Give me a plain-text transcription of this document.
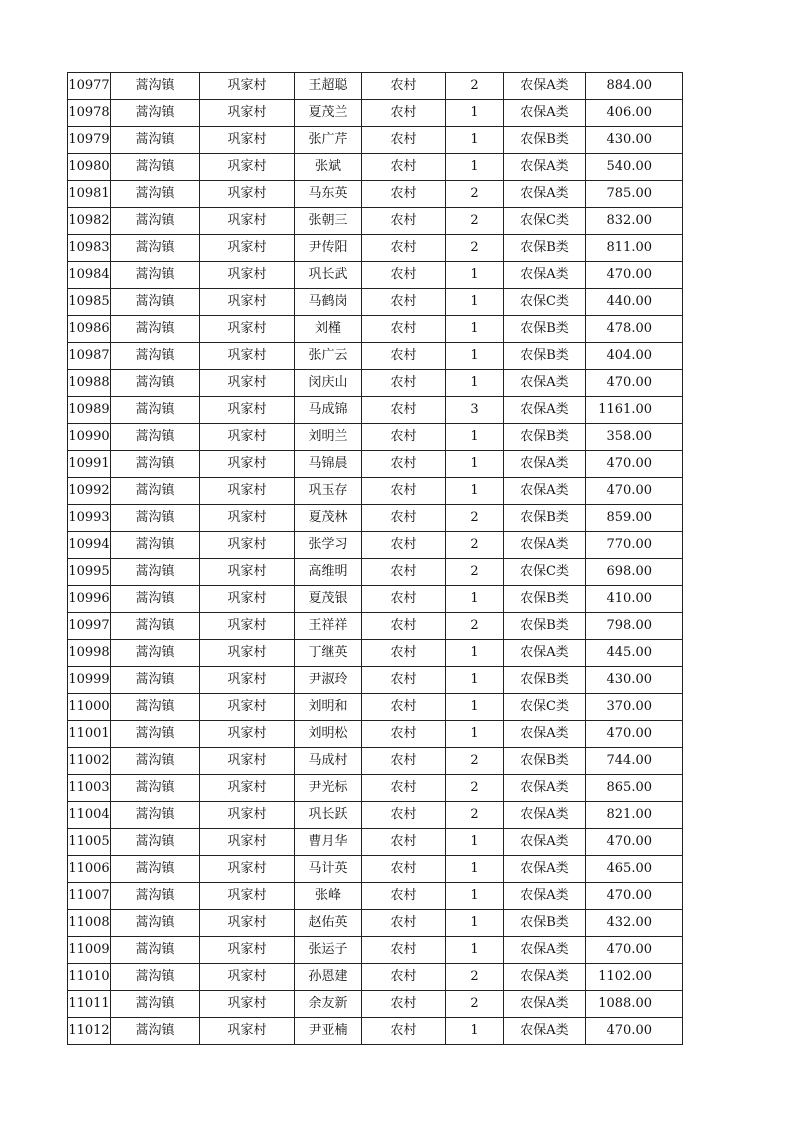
10977	蒿沟镇	巩家村	王超聪	农村	2	农保A类	884.00
10978	蒿沟镇	巩家村	夏茂兰	农村	1	农保A类	406.00
10979	蒿沟镇	巩家村	张广芹	农村	1	农保B类	430.00
10980	蒿沟镇	巩家村	张斌	农村	1	农保A类	540.00
10981	蒿沟镇	巩家村	马东英	农村	2	农保A类	785.00
10982	蒿沟镇	巩家村	张朝三	农村	2	农保C类	832.00
10983	蒿沟镇	巩家村	尹传阳	农村	2	农保B类	811.00
10984	蒿沟镇	巩家村	巩长武	农村	1	农保A类	470.00
10985	蒿沟镇	巩家村	马鹤岗	农村	1	农保C类	440.00
10986	蒿沟镇	巩家村	刘槿	农村	1	农保B类	478.00
10987	蒿沟镇	巩家村	张广云	农村	1	农保B类	404.00
10988	蒿沟镇	巩家村	闵庆山	农村	1	农保A类	470.00
10989	蒿沟镇	巩家村	马成锦	农村	3	农保A类	1161.00
10990	蒿沟镇	巩家村	刘明兰	农村	1	农保B类	358.00
10991	蒿沟镇	巩家村	马锦晨	农村	1	农保A类	470.00
10992	蒿沟镇	巩家村	巩玉存	农村	1	农保A类	470.00
10993	蒿沟镇	巩家村	夏茂林	农村	2	农保B类	859.00
10994	蒿沟镇	巩家村	张学习	农村	2	农保A类	770.00
10995	蒿沟镇	巩家村	高维明	农村	2	农保C类	698.00
10996	蒿沟镇	巩家村	夏茂银	农村	1	农保B类	410.00
10997	蒿沟镇	巩家村	王祥祥	农村	2	农保B类	798.00
10998	蒿沟镇	巩家村	丁继英	农村	1	农保A类	445.00
10999	蒿沟镇	巩家村	尹淑玲	农村	1	农保B类	430.00
11000	蒿沟镇	巩家村	刘明和	农村	1	农保C类	370.00
11001	蒿沟镇	巩家村	刘明松	农村	1	农保A类	470.00
11002	蒿沟镇	巩家村	马成村	农村	2	农保B类	744.00
11003	蒿沟镇	巩家村	尹光标	农村	2	农保A类	865.00
11004	蒿沟镇	巩家村	巩长跃	农村	2	农保A类	821.00
11005	蒿沟镇	巩家村	曹月华	农村	1	农保A类	470.00
11006	蒿沟镇	巩家村	马计英	农村	1	农保A类	465.00
11007	蒿沟镇	巩家村	张峰	农村	1	农保A类	470.00
11008	蒿沟镇	巩家村	赵佑英	农村	1	农保B类	432.00
11009	蒿沟镇	巩家村	张运子	农村	1	农保A类	470.00
11010	蒿沟镇	巩家村	孙恩建	农村	2	农保A类	1102.00
11011	蒿沟镇	巩家村	余友新	农村	2	农保A类	1088.00
11012	蒿沟镇	巩家村	尹亚楠	农村	1	农保A类	470.00
